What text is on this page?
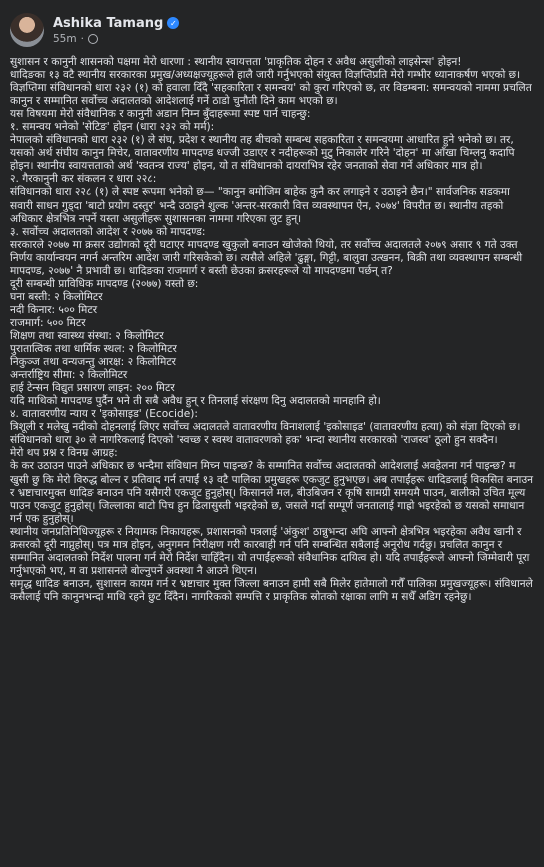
Ashika Tamang ✓
55m ·
सुशासन र कानुनी शासनको पक्षमा मेरो धारणा : स्थानीय स्वायत्तता 'प्राकृतिक दोहन र अवैध असुलीको लाइसेन्स' होइन!
धादिङका १३ वटै स्थानीय सरकारका प्रमुख/अध्यक्षज्यूहरूले हालै जारी गर्नुभएको संयुक्त विज्ञप्तिप्रति मेरो गम्भीर ध्यानाकर्षण भएको छ। विज्ञप्तिमा संविधानको धारा २३२ (१) को हवाला दिँदै 'सहकारिता र समन्वय' को कुरा गरिएको छ, तर विडम्बना: समन्वयको नाममा प्रचलित कानुन र सम्मानित सर्वोच्च अदालतको आदेशलाई गर्ने ठाडो चुनौती दिने काम भएको छ।
यस विषयमा मेरो संवैधानिक र कानुनी अडान निम्न बुँदाहरूमा स्पष्ट पार्न चाहन्छु:
१. समन्वय भनेको 'सेटिङ' होइन (धारा २३२ को मर्म):
नेपालको संविधानको धारा २३२ (१) ले संघ, प्रदेश र स्थानीय तह बीचको सम्बन्ध सहकारिता र समन्वयमा आधारित हुने भनेको छ। तर, यसको अर्थ संघीय कानुन मिचेर, वातावरणीय मापदण्ड धज्जी उडाएर र नदीहरूको मुटु निकालेर गरिने 'दोहन' मा आँखा चिम्लनु कदापि होइन। स्थानीय स्वायत्तताको अर्थ 'स्वतन्त्र राज्य' होइन, यो त संविधानको दायराभित्र रहेर जनताको सेवा गर्ने अधिकार मात्र हो।
२. गैरकानुनी कर संकलन र धारा २२८:
संविधानको धारा २२८ (१) ले स्पष्ट रूपमा भनेको छ— "कानुन बमोजिम बाहेक कुनै कर लगाइने र उठाइने छैन।" सार्वजनिक सडकमा सवारी साधन गुड्दा 'बाटो प्रयोग दस्तुर' भन्दै उठाइने शुल्क 'अन्तर-सरकारी वित्त व्यवस्थापन ऐन, २०७४' विपरीत छ। स्थानीय तहको अधिकार क्षेत्रभित्र नपर्ने यस्ता असुलीहरू सुशासनका नाममा गरिएका लुट हुन्।
३. सर्वोच्च अदालतको आदेश र २०७७ को मापदण्ड:
सरकारले २०७७ मा क्रसर उद्योगको दूरी घटाएर मापदण्ड खुकुलो बनाउन खोजेको थियो, तर सर्वोच्च अदालतले २०७९ असार ९ गते उक्त निर्णय कार्यान्वयन नगर्न अन्तरिम आदेश जारी गरिसकेको छ। त्यसैले अहिले 'ढुङ्गा, गिट्टी, बालुवा उत्खनन, बिक्री तथा व्यवस्थापन सम्बन्धी मापदण्ड, २०७७' नै प्रभावी छ। धादिङका राजमार्ग र बस्ती छेउका क्रसरहरूले यो मापदण्डमा पर्छन् त?
दूरी सम्बन्धी प्राविधिक मापदण्ड (२०७७) यस्तो छ:
घना बस्ती: २ किलोमिटर
नदी किनार: ५०० मिटर
राजमार्ग: ५०० मिटर
शिक्षण तथा स्वास्थ्य संस्था: २ किलोमिटर
पुरातात्विक तथा धार्मिक स्थल: २ किलोमिटर
निकुञ्ज तथा वन्यजन्तु आरक्ष: २ किलोमिटर
अन्तर्राष्ट्रिय सीमा: २ किलोमिटर
हाई टेन्सन विद्युत प्रसारण लाइन: २०० मिटर
यदि माथिको मापदण्ड पुर्दैन भने ती सबै अवैध हुन् र तिनलाई संरक्षण दिनु अदालतको मानहानि हो।
४. वातावरणीय न्याय र 'इकोसाइड' (Ecocide):
त्रिशूली र मलेखु नदीको दोहनलाई लिएर सर्वोच्च अदालतले वातावरणीय विनाशलाई 'इकोसाइड' (वातावरणीय हत्या) को संज्ञा दिएको छ। संविधानको धारा ३० ले नागरिकलाई दिएको 'स्वच्छ र स्वस्थ वातावरणको हक' भन्दा स्थानीय सरकारको 'राजस्व' ठूलो हुन सक्दैन।
मेरो थप प्रश्न र विनम्र आग्रह:
के कर उठाउन पाउने अधिकार छ भन्दैमा संविधान मिच्न पाइन्छ? के सम्मानित सर्वोच्च अदालतको आदेशलाई अवहेलना गर्न पाइन्छ? म खुसी छु कि मेरो विरुद्ध बोल्न र प्रतिवाद गर्न तपाईं १३ वटै पालिका प्रमुखहरू एकजुट हुनुभएछ। अब तपाईंहरू धादिङलाई विकसित बनाउन र भ्रष्टाचारमुक्त धादिङ बनाउन पनि यसैगरी एकजुट हुनुहोस्। किसानले मल, बीउबिजन र कृषि सामग्री समयमै पाउन, बालीको उचित मूल्य पाउन एकजुट हुनुहोस्। जिल्लाका बाटो पिच हुन ढिलासुस्ती भइरहेको छ, जसले गर्दा सम्पूर्ण जनतालाई गाह्रो भइरहेको छ यसको समाधान गर्न एक हुनुहोस्।
स्थानीय जनप्रतिनिधिज्यूहरू र नियामक निकायहरू, प्रशासनको पत्रलाई 'अंकुश' ठान्नुभन्दा अघि आफ्नो क्षेत्रभित्र भइरहेका अवैध खानी र क्रसरको दूरी नाप्नुहोस्। पत्र मात्र होइन, अनुगमन निरीक्षण गरी कारबाही गर्न पनि सम्बन्धित सबैलाई अनुरोध गर्दछु। प्रचलित कानुन र सम्मानित अदालतको निर्देश पालना गर्न मेरो निर्देश चाहिँदैन। यो तपाईंहरूको संवैधानिक दायित्व हो। यदि तपाईंहरूले आफ्नो जिम्मेवारी पूरा गर्नुभएको भए, म वा प्रशासनले बोल्नुपर्ने अवस्था नै आउने थिएन।
समृद्ध धादिङ बनाउन, सुशासन कायम गर्न र भ्रष्टाचार मुक्त जिल्ला बनाउन हामी सबै मिलेर हातेमालो गरौँ पालिका प्रमुखज्यूहरू। संविधानले कसैलाई पनि कानुनभन्दा माथि रहने छुट दिँदैन। नागरिकको सम्पत्ति र प्राकृतिक स्रोतको रक्षाका लागि म सधैँ अडिग रहनेछु।
